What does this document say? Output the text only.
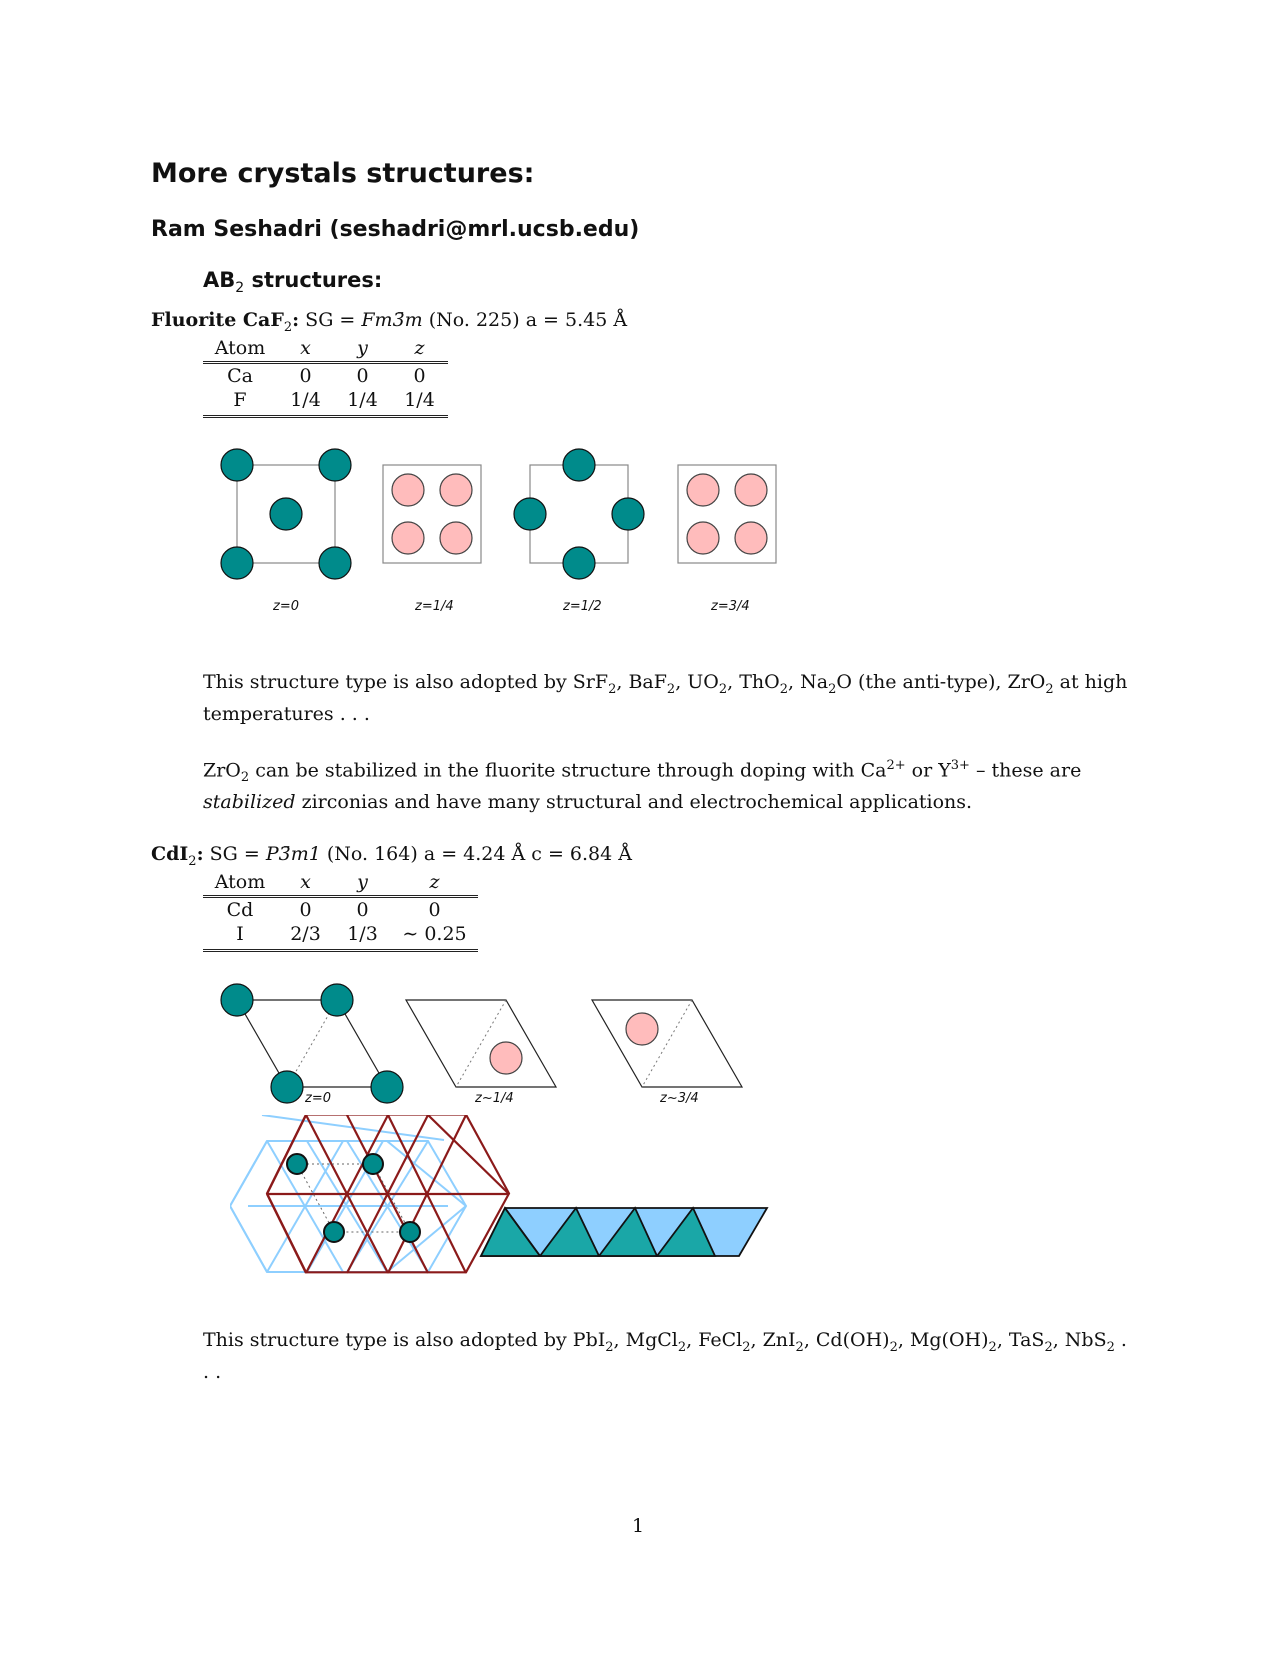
More crystals structures:
Ram Seshadri (seshadri@mrl.ucsb.edu)
$AB_2$ structures:
Fluorite CaF$_2$: SG = Fm3̄m (No. 225) a = 5.45 Å
Atom	x	y	z
Ca	0	0	0
F	1/4	1/4	1/4
z=0	z=1/4	z=1/2	z=3/4
This structure type is also adopted by SrF$_2$, BaF$_2$, $UO_2$, ThO$_2$, $Na_2O$ (the anti-type), ZrO$_2$ at high temperatures . . .
ZrO$_2$ can be stabilized in the fluorite structure through doping with $Ca^{2+}$ or $Y^{3+}$ – these are stabilized zirconias and have many structural and electrochemical applications.
CdI$_2$: SG = P3̄m1 (No. 164) a = 4.24 Å c = 6.84 Å
Atom	x	y	z
Cd	0	0	0
I	2/3	1/3	∼ 0.25
z=0	z~1/4	z~3/4
This structure type is also adopted by PbI$_2$, MgCl$_2$, FeCl$_2$, ZnI$_2$, $Cd(OH)_2$, $Mg(OH)_2$, TaS$_2$, NbS$_2$ . . .
1
